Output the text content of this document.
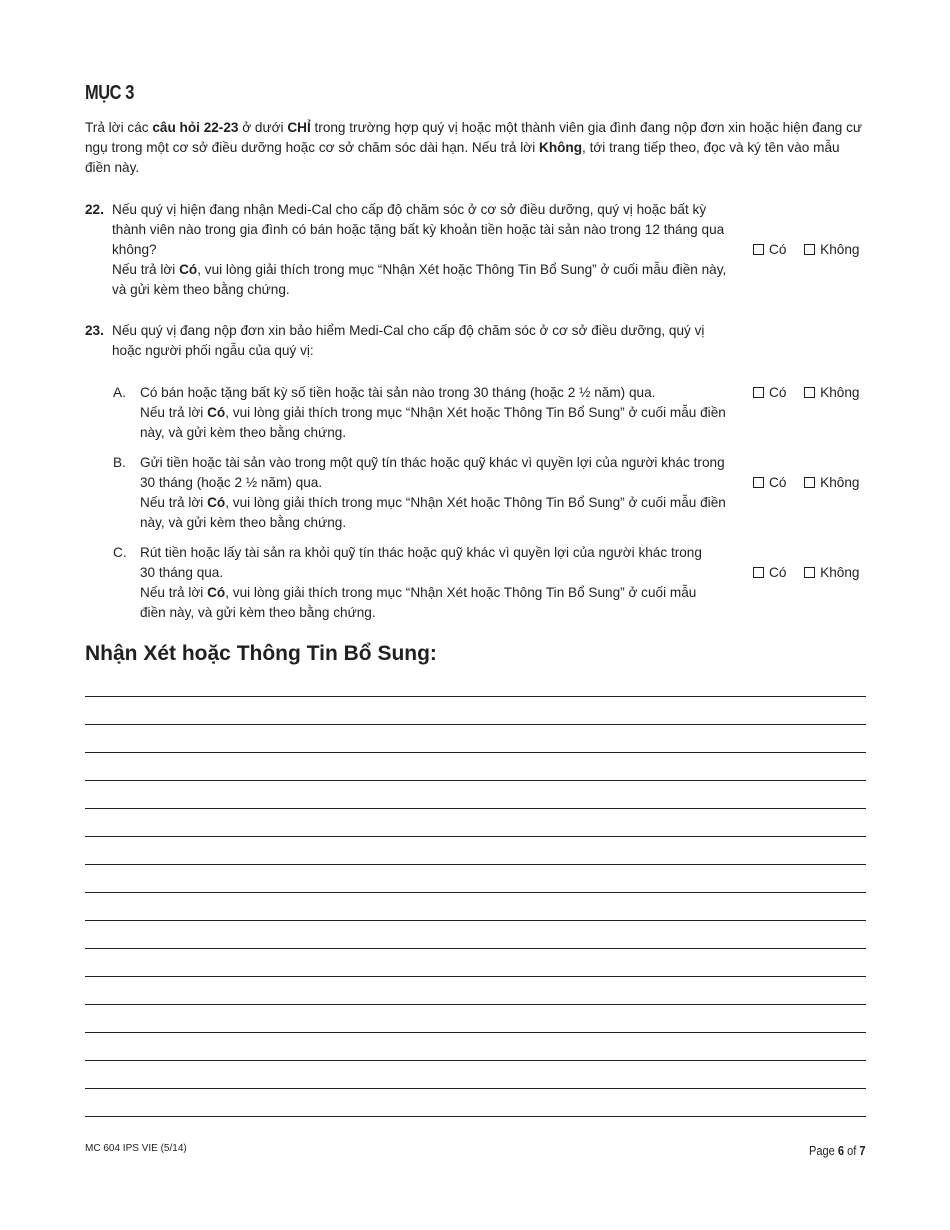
MỤC 3
Trả lời các câu hỏi 22-23 ở dưới CHỈ trong trường hợp quý vị hoặc một thành viên gia đình đang nộp đơn xin hoặc hiện đang cư ngụ trong một cơ sở điều dưỡng hoặc cơ sở chăm sóc dài hạn. Nếu trả lời Không, tới trang tiếp theo, đọc và ký tên vào mẫu điền này.
22. Nếu quý vị hiện đang nhận Medi-Cal cho cấp độ chăm sóc ở cơ sở điều dưỡng, quý vị hoặc bất kỳ thành viên nào trong gia đình có bán hoặc tặng bất kỳ khoản tiền hoặc tài sản nào trong 12 tháng qua không?
Nếu trả lời Có, vui lòng giải thích trong mục “Nhận Xét hoặc Thông Tin Bổ Sung” ở cuối mẫu điền này, và gửi kèm theo bằng chứng.
Có Không
23. Nếu quý vị đang nộp đơn xin bảo hiểm Medi-Cal cho cấp độ chăm sóc ở cơ sở điều dưỡng, quý vị hoặc người phối ngẫu của quý vị:
A. Có bán hoặc tặng bất kỳ số tiền hoặc tài sản nào trong 30 tháng (hoặc 2 ½ năm) qua.
Nếu trả lời Có, vui lòng giải thích trong mục “Nhận Xét hoặc Thông Tin Bổ Sung” ở cuối mẫu điền này, và gửi kèm theo bằng chứng.
Có Không
B. Gửi tiền hoặc tài sản vào trong một quỹ tín thác hoặc quỹ khác vì quyền lợi của người khác trong 30 tháng (hoặc 2 ½ năm) qua.
Nếu trả lời Có, vui lòng giải thích trong mục “Nhận Xét hoặc Thông Tin Bổ Sung” ở cuối mẫu điền này, và gửi kèm theo bằng chứng.
Có Không
C. Rút tiền hoặc lấy tài sản ra khỏi quỹ tín thác hoặc quỹ khác vì quyền lợi của người khác trong 30 tháng qua.
Nếu trả lời Có, vui lòng giải thích trong mục “Nhận Xét hoặc Thông Tin Bổ Sung” ở cuối mẫu điền này, và gửi kèm theo bằng chứng.
Có Không
Nhận Xét hoặc Thông Tin Bổ Sung:
MC 604 IPS VIE (5/14)	Page 6 of 7
